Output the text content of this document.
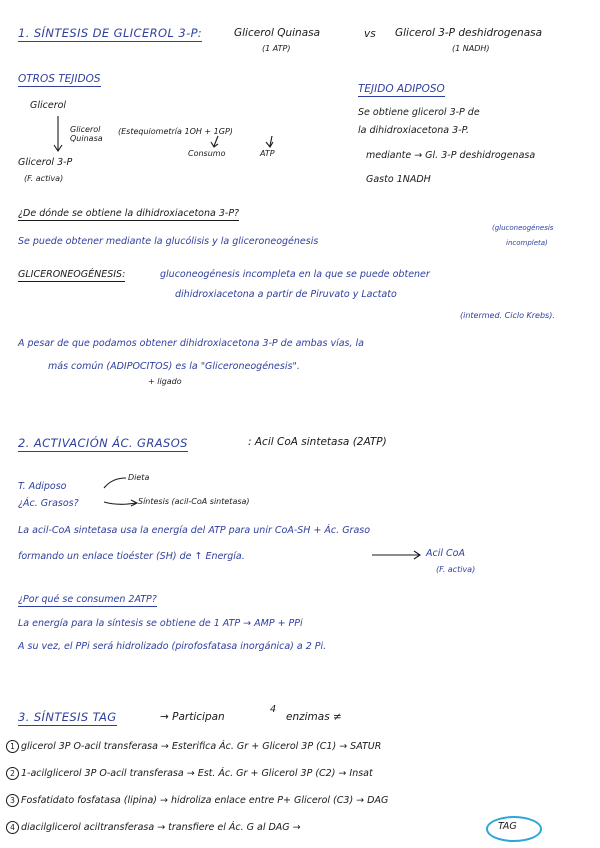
1. SÍNTESIS DE GLICEROL 3-P:	Glicerol Quinasa
(1 ATP)
vs Glicerol 3-P deshidrogenasa
(1 NADH)
OTROS TEJIDOS
Glicerol
Glicerol
Quinasa
(Estequiometría 1OH + 1GP)
Consumo	ATP
Glicerol 3-P
(F. activa)
TEJIDO ADIPOSO
Se obtiene glicerol 3-P de
la dihidroxiacetona 3-P.
mediante → Gl. 3-P deshidrogenasa
Gasto 1NADH
¿De dónde se obtiene la dihidroxiacetona 3-P?
Se puede obtener mediante la glucólisis y la gliceroneogénesis
(gluconeogénesis
incompleta)
GLICERONEOGÉNESIS:	gluconeogénesis incompleta en la que se puede obtener
dihidroxiacetona a partir de Piruvato y Lactato
(intermed. Ciclo Krebs).
A pesar de que podamos obtener dihidroxiacetona 3-P de ambas vías, la
más común (ADIPOCITOS) es la "Gliceroneogénesis".
+ ligado
2. ACTIVACIÓN ÁC. GRASOS	: Acil CoA sintetasa (2ATP)
T. Adiposo
Dieta
¿Ác. Grasos?	Síntesis (acil-CoA sintetasa)
La acil-CoA sintetasa usa la energía del ATP para unir CoA-SH + Ác. Graso
formando un enlace tioéster (SH) de ↑ Energía.	Acil CoA
(F. activa)
¿Por qué se consumen 2ATP?
La energía para la síntesis se obtiene de 1 ATP → AMP + PPi
A su vez, el PPi será hidrolizado (pirofosfatasa inorgánica) a 2 Pi.
3. SÍNTESIS TAG	→ Participan
4
enzimas ≠
1 glicerol 3P O-acil transferasa → Esterifica Ác. Gr + Glicerol 3P (C1) → SATUR
2 1-acilglicerol 3P O-acil transferasa → Est. Ác. Gr + Glicerol 3P (C2) → Insat
3 Fosfatidato fosfatasa (lipina) → hidroliza enlace entre P+ Glicerol (C3) → DAG
4 diacilglicerol aciltransferasa → transfiere el Ác. G al DAG →	TAG
